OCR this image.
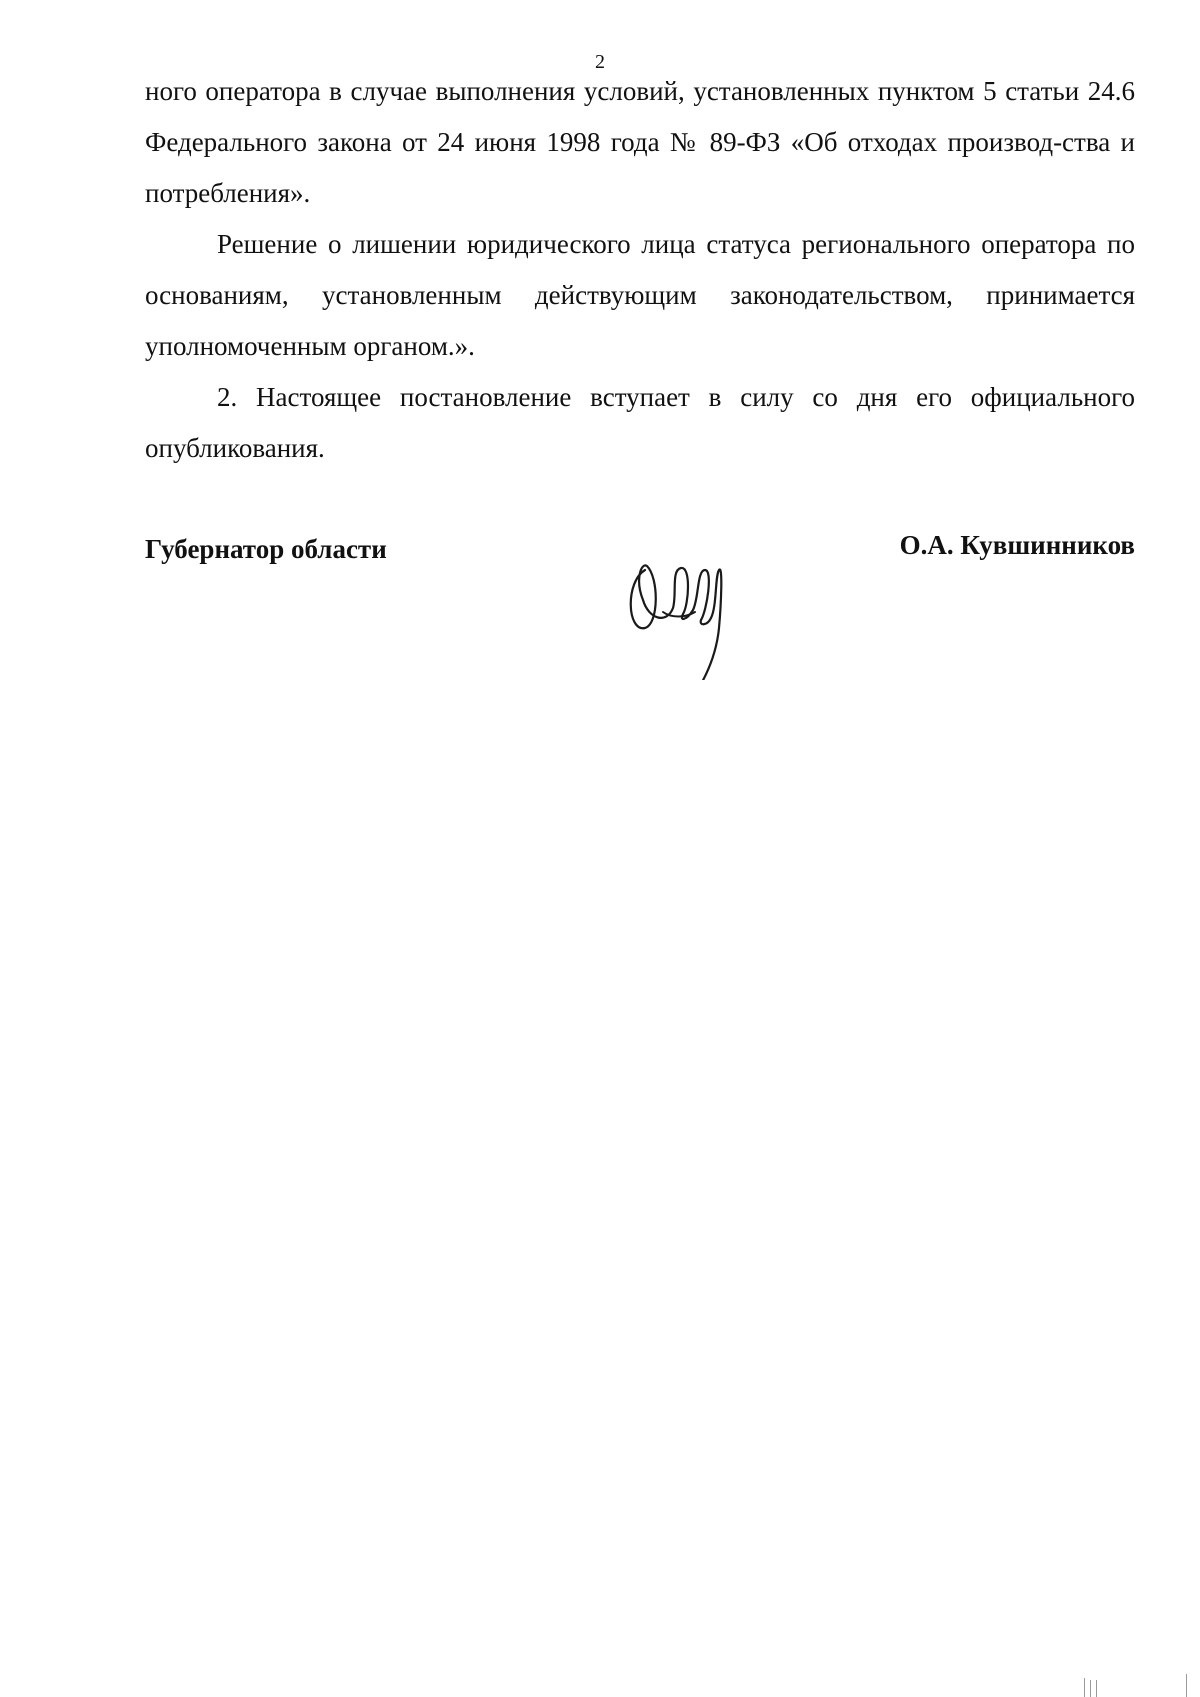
2

ного оператора в случае выполнения условий, установленных пунктом 5 статьи 24.6 Федерального закона от 24 июня 1998 года № 89-ФЗ «Об отходах производ-ства и потребления».

Решение о лишении юридического лица статуса регионального оператора по основаниям, установленным действующим законодательством, принимается уполномоченным органом.».

2. Настоящее постановление вступает в силу со дня его официального опубликования.

Губернатор области	О.А. Кувшинников
